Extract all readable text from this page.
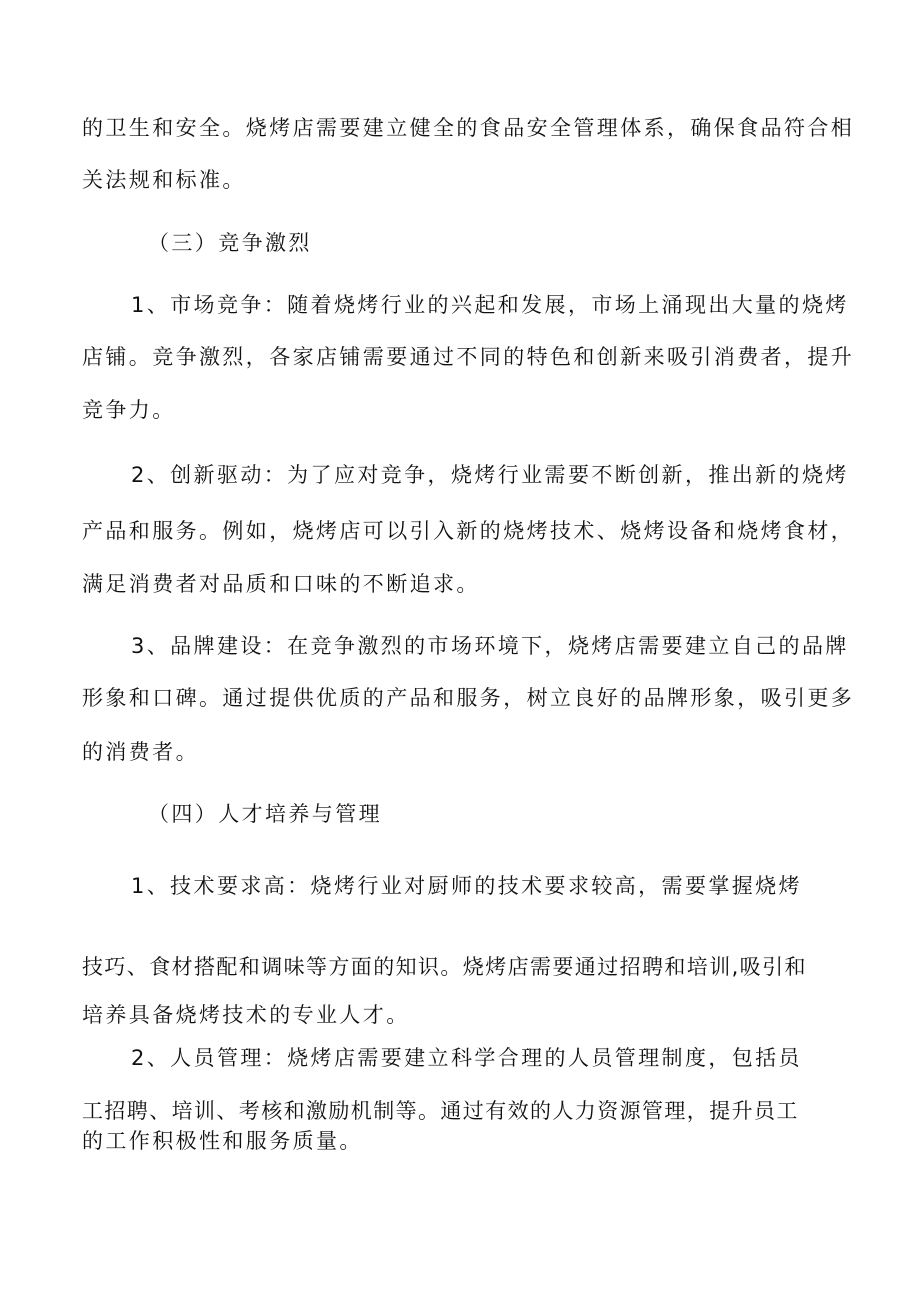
的卫生和安全。烧烤店需要建立健全的食品安全管理体系，确保食品符合相
关法规和标准。
（三）竞争激烈
1、市场竞争：随着烧烤行业的兴起和发展，市场上涌现出大量的烧烤
店铺。竞争激烈，各家店铺需要通过不同的特色和创新来吸引消费者，提升
竞争力。
2、创新驱动：为了应对竞争，烧烤行业需要不断创新，推出新的烧烤
产品和服务。例如，烧烤店可以引入新的烧烤技术、烧烤设备和烧烤食材，
满足消费者对品质和口味的不断追求。
3、品牌建设：在竞争激烈的市场环境下，烧烤店需要建立自己的品牌
形象和口碑。通过提供优质的产品和服务，树立良好的品牌形象，吸引更多
的消费者。
（四）人才培养与管理
1、技术要求高：烧烤行业对厨师的技术要求较高，需要掌握烧烤
技巧、食材搭配和调味等方面的知识。烧烤店需要通过招聘和培训,吸引和
培养具备烧烤技术的专业人才。
2、人员管理：烧烤店需要建立科学合理的人员管理制度，包括员
工招聘、培训、考核和激励机制等。通过有效的人力资源管理，提升员工
的工作积极性和服务质量。
